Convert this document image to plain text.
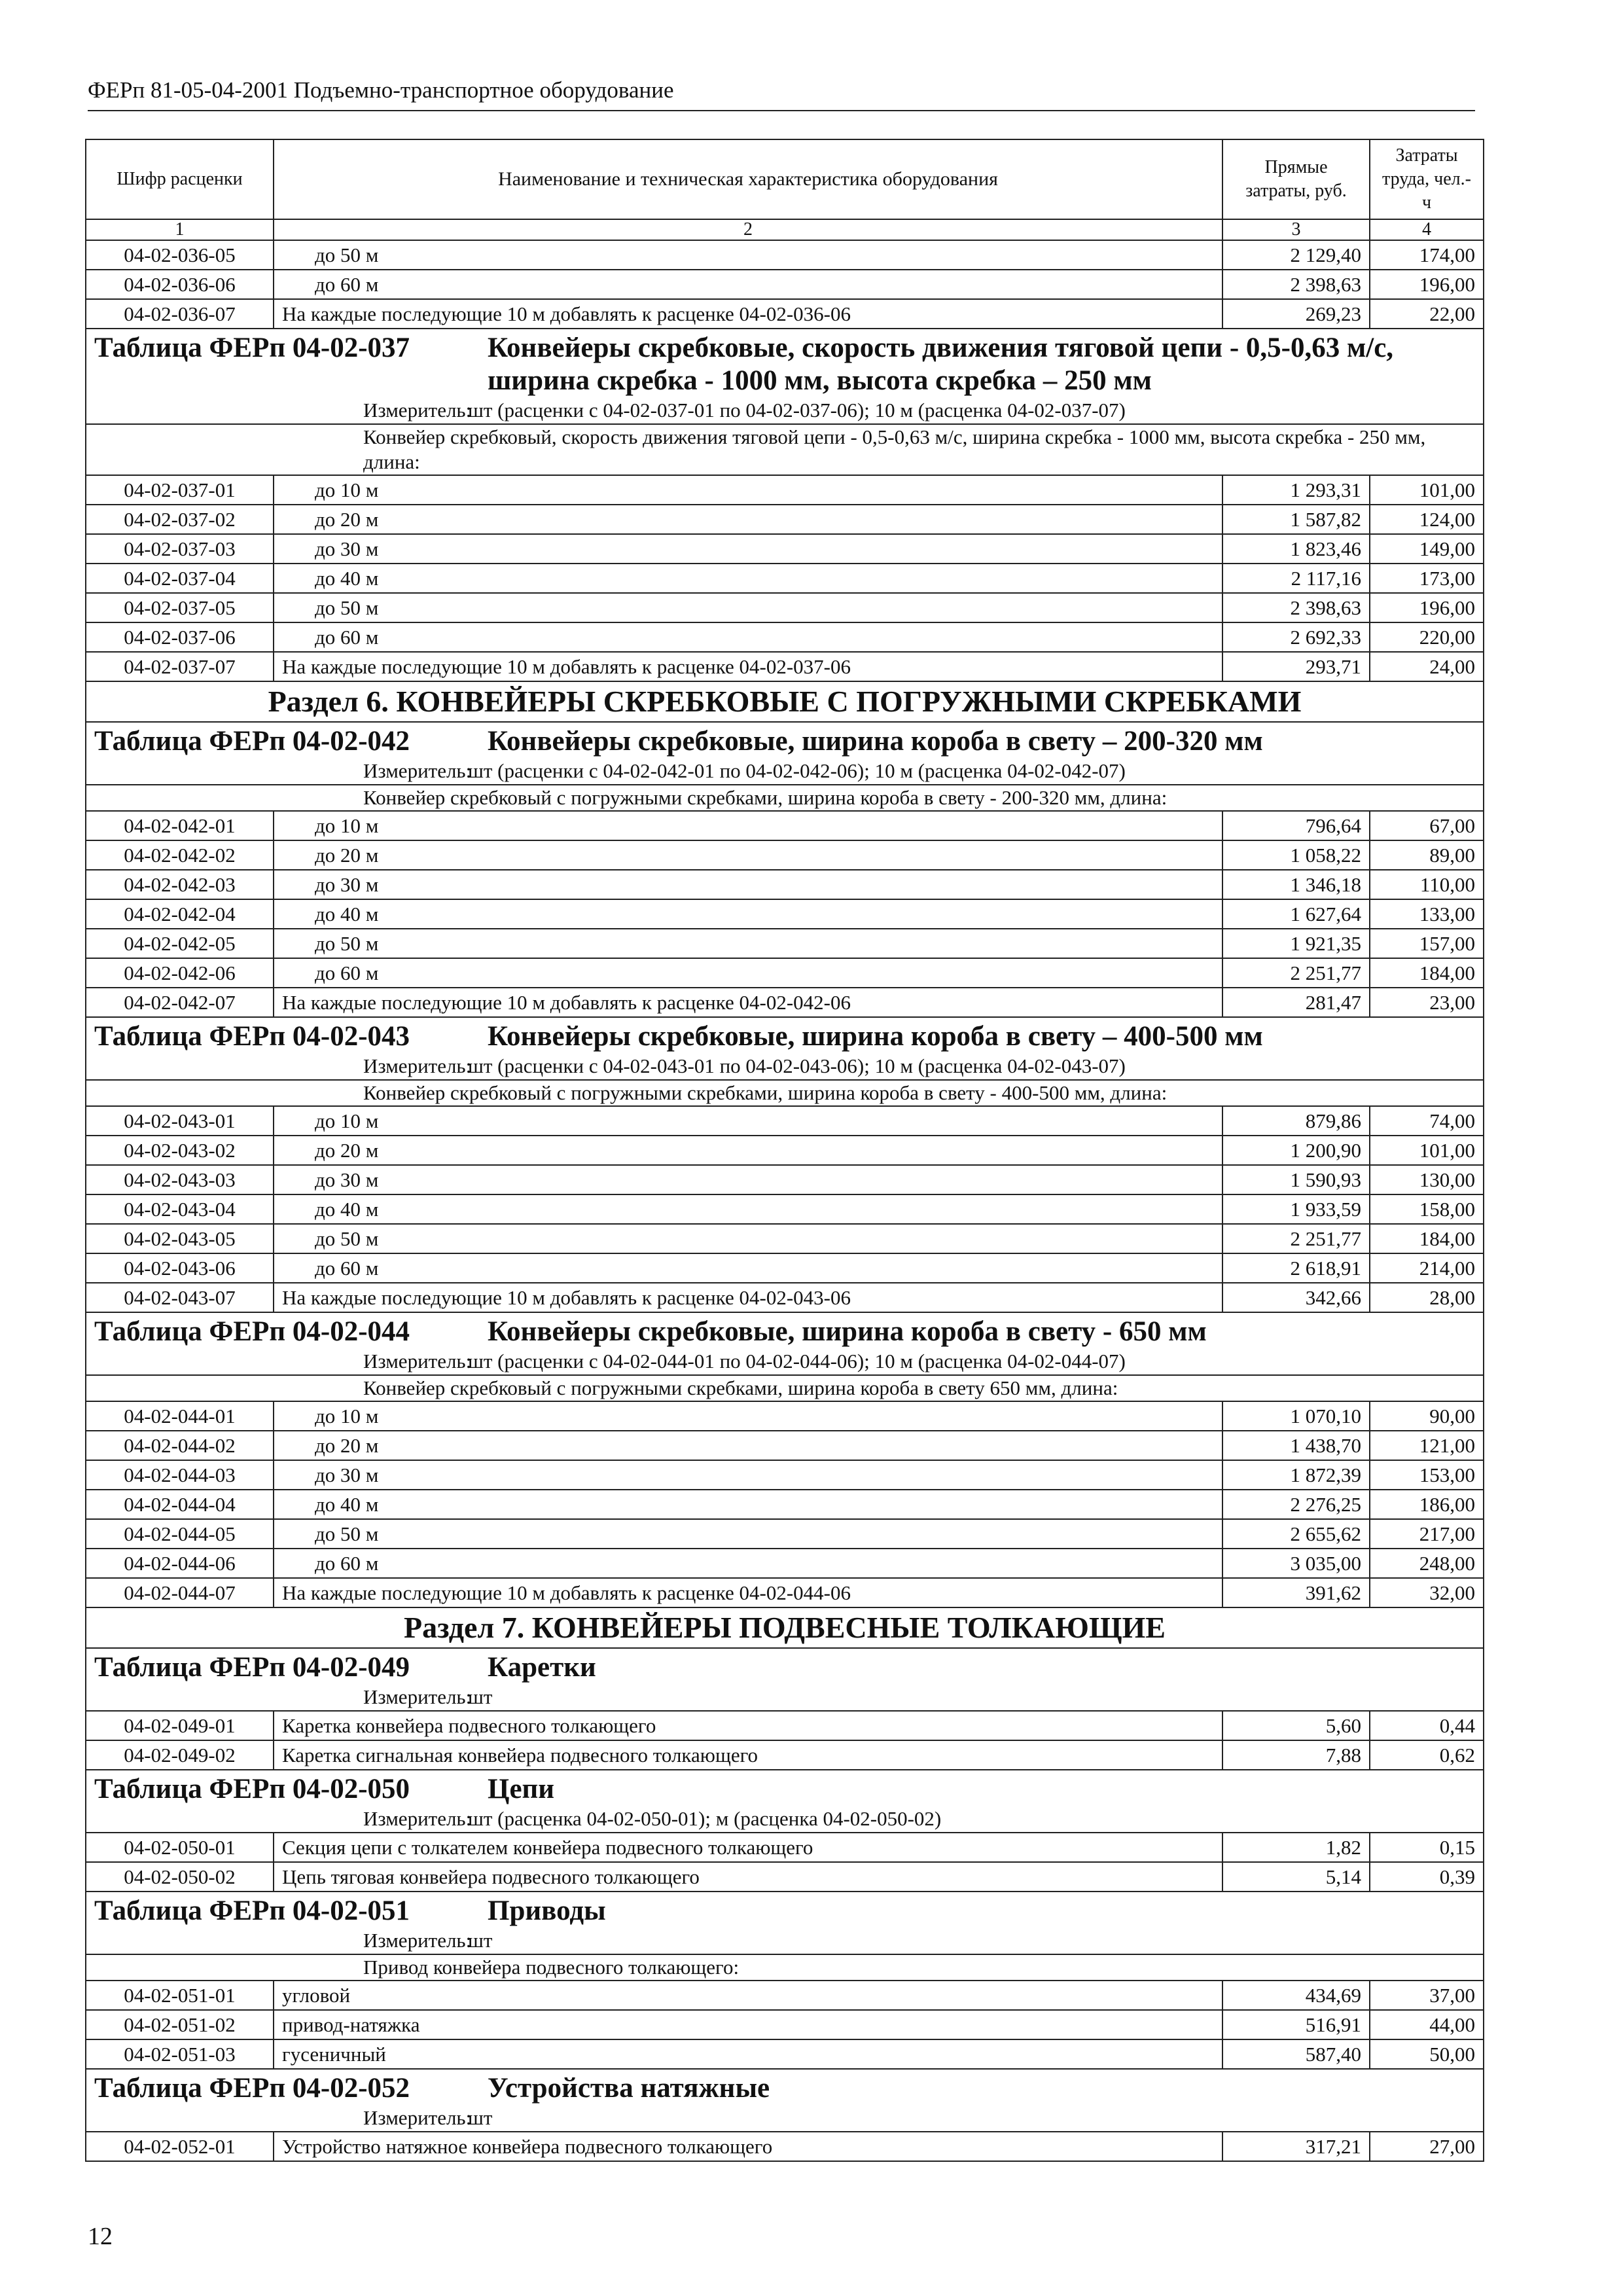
ФЕРп 81-05-04-2001 Подъемно-транспортное оборудование
Шифр расценки	Наименование и техническая характеристика оборудования	Прямые затраты, руб.	Затраты труда, чел.-ч
1	2	3	4
04-02-036-05	до 50 м	2 129,40	174,00
04-02-036-06	до 60 м	2 398,63	196,00
04-02-036-07	На каждые последующие 10 м добавлять к расценке 04-02-036-06	269,23	22,00

Таблица ФЕРп 04-02-037 Конвейеры скребковые, скорость движения тяговой цепи - 0,5-0,63 м/с, ширина скребка - 1000 мм, высота скребка – 250 мм			

Измеритель:шт (расценки с 04-02-037-01 по 04-02-037-06); 10 м (расценка 04-02-037-07)			
Конвейер скребковый, скорость движения тяговой цепи - 0,5-0,63 м/с, ширина скребка - 1000 мм, высота скребка - 250 мм, длина:			
04-02-037-01	до 10 м	1 293,31	101,00
04-02-037-02	до 20 м	1 587,82	124,00
04-02-037-03	до 30 м	1 823,46	149,00
04-02-037-04	до 40 м	2 117,16	173,00
04-02-037-05	до 50 м	2 398,63	196,00
04-02-037-06	до 60 м	2 692,33	220,00
04-02-037-07	На каждые последующие 10 м добавлять к расценке 04-02-037-06	293,71	24,00
Раздел 6. КОНВЕЙЕРЫ СКРЕБКОВЫЕ С ПОГРУЖНЫМИ СКРЕБКАМИ			

Таблица ФЕРп 04-02-042 Конвейеры скребковые, ширина короба в свету – 200-320 мм			

Измеритель:шт (расценки с 04-02-042-01 по 04-02-042-06); 10 м (расценка 04-02-042-07)			
Конвейер скребковый с погружными скребками, ширина короба в свету - 200-320 мм, длина:			
04-02-042-01	до 10 м	796,64	67,00
04-02-042-02	до 20 м	1 058,22	89,00
04-02-042-03	до 30 м	1 346,18	110,00
04-02-042-04	до 40 м	1 627,64	133,00
04-02-042-05	до 50 м	1 921,35	157,00
04-02-042-06	до 60 м	2 251,77	184,00
04-02-042-07	На каждые последующие 10 м добавлять к расценке 04-02-042-06	281,47	23,00

Таблица ФЕРп 04-02-043 Конвейеры скребковые, ширина короба в свету – 400-500 мм			

Измеритель:шт (расценки с 04-02-043-01 по 04-02-043-06); 10 м (расценка 04-02-043-07)			
Конвейер скребковый с погружными скребками, ширина короба в свету - 400-500 мм, длина:			
04-02-043-01	до 10 м	879,86	74,00
04-02-043-02	до 20 м	1 200,90	101,00
04-02-043-03	до 30 м	1 590,93	130,00
04-02-043-04	до 40 м	1 933,59	158,00
04-02-043-05	до 50 м	2 251,77	184,00
04-02-043-06	до 60 м	2 618,91	214,00
04-02-043-07	На каждые последующие 10 м добавлять к расценке 04-02-043-06	342,66	28,00

Таблица ФЕРп 04-02-044 Конвейеры скребковые, ширина короба в свету - 650 мм			

Измеритель:шт (расценки с 04-02-044-01 по 04-02-044-06); 10 м (расценка 04-02-044-07)			
Конвейер скребковый с погружными скребками, ширина короба в свету 650 мм, длина:			
04-02-044-01	до 10 м	1 070,10	90,00
04-02-044-02	до 20 м	1 438,70	121,00
04-02-044-03	до 30 м	1 872,39	153,00
04-02-044-04	до 40 м	2 276,25	186,00
04-02-044-05	до 50 м	2 655,62	217,00
04-02-044-06	до 60 м	3 035,00	248,00
04-02-044-07	На каждые последующие 10 м добавлять к расценке 04-02-044-06	391,62	32,00
Раздел 7. КОНВЕЙЕРЫ ПОДВЕСНЫЕ ТОЛКАЮЩИЕ			

Таблица ФЕРп 04-02-049 Каретки			

Измеритель:шт			
04-02-049-01	Каретка конвейера подвесного толкающего	5,60	0,44
04-02-049-02	Каретка сигнальная конвейера подвесного толкающего	7,88	0,62

Таблица ФЕРп 04-02-050 Цепи			

Измеритель:шт (расценка 04-02-050-01); м (расценка 04-02-050-02)			
04-02-050-01	Секция цепи с толкателем конвейера подвесного толкающего	1,82	0,15
04-02-050-02	Цепь тяговая конвейера подвесного толкающего	5,14	0,39

Таблица ФЕРп 04-02-051 Приводы			

Измеритель:шт			
Привод конвейера подвесного толкающего:			
04-02-051-01	угловой	434,69	37,00
04-02-051-02	привод-натяжка	516,91	44,00
04-02-051-03	гусеничный	587,40	50,00

Таблица ФЕРп 04-02-052 Устройства натяжные			

Измеритель:шт			
04-02-052-01	Устройство натяжное конвейера подвесного толкающего	317,21	27,00
12
